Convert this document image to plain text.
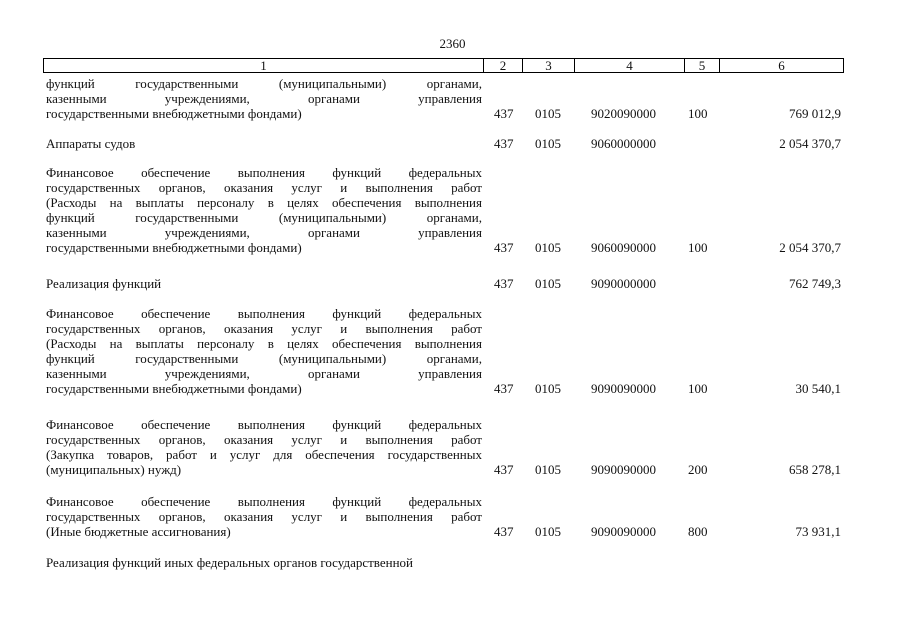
2360
1	2	3	4	5	6
функций государственными (муниципальными) органами,
казенными учреждениями, органами управления
государственными внебюджетными фондами)	437 0105 9020090000 100	769 012,9
Аппараты судов	437 0105 9060000000	2 054 370,7
Финансовое обеспечение выполнения функций федеральных
государственных органов, оказания услуг и выполнения работ
(Расходы на выплаты персоналу в целях обеспечения выполнения
функций государственными (муниципальными) органами,
казенными учреждениями, органами управления
государственными внебюджетными фондами)	437 0105 9060090000 100	2 054 370,7
Реализация функций	437 0105 9090000000	762 749,3
Финансовое обеспечение выполнения функций федеральных
государственных органов, оказания услуг и выполнения работ
(Расходы на выплаты персоналу в целях обеспечения выполнения
функций государственными (муниципальными) органами,
казенными учреждениями, органами управления
государственными внебюджетными фондами)	437 0105 9090090000 100	30 540,1
Финансовое обеспечение выполнения функций федеральных
государственных органов, оказания услуг и выполнения работ
(Закупка товаров, работ и услуг для обеспечения государственных
(муниципальных) нужд)	437 0105 9090090000 200	658 278,1
Финансовое обеспечение выполнения функций федеральных
государственных органов, оказания услуг и выполнения работ
(Иные бюджетные ассигнования)	437 0105 9090090000 800	73 931,1
Реализация функций иных федеральных органов государственной
